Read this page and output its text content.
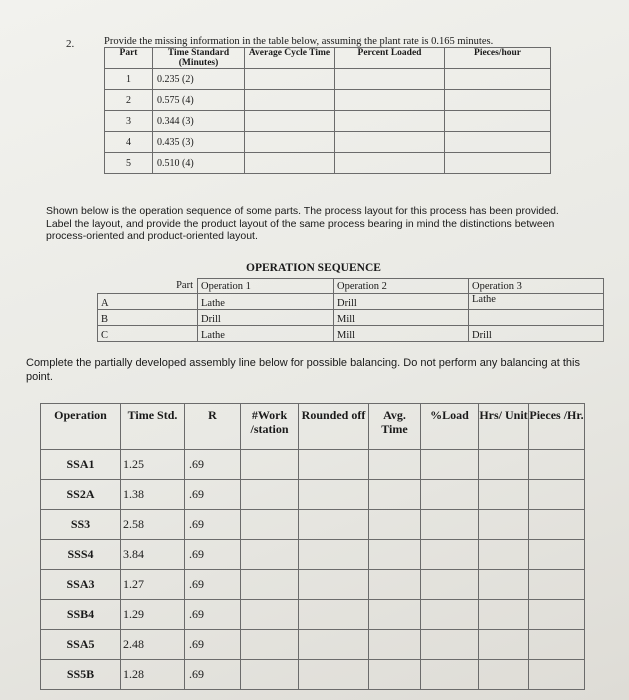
2.	Provide the missing information in the table below, assuming the plant rate is 0.165 minutes.
Part	Time Standard (Minutes)	Average Cycle Time	Percent Loaded	Pieces/hour
1	0.235 (2)			
2	0.575 (4)			
3	0.344 (3)			
4	0.435 (3)			
5	0.510 (4)			
Shown below is the operation sequence of some parts. The process layout for this process has been provided. Label the layout, and provide the product layout of the same process bearing in mind the distinctions between process-oriented and product-oriented layout.
OPERATION SEQUENCE
Part	Operation 1	Operation 2	Operation 3
A	Lathe	Drill	Lathe
B	Drill	Mill	
C	Lathe	Mill	Drill
Complete the partially developed assembly line below for possible balancing. Do not perform any balancing at this point.
Operation	Time Std.	R	#Work /station	Rounded off	Avg. Time	%Load	Hrs/ Unit	Pieces /Hr.
SSA1	1.25	.69						
SS2A	1.38	.69						
SS3	2.58	.69						
SSS4	3.84	.69						
SSA3	1.27	.69						
SSB4	1.29	.69						
SSA5	2.48	.69						
SS5B	1.28	.69						
